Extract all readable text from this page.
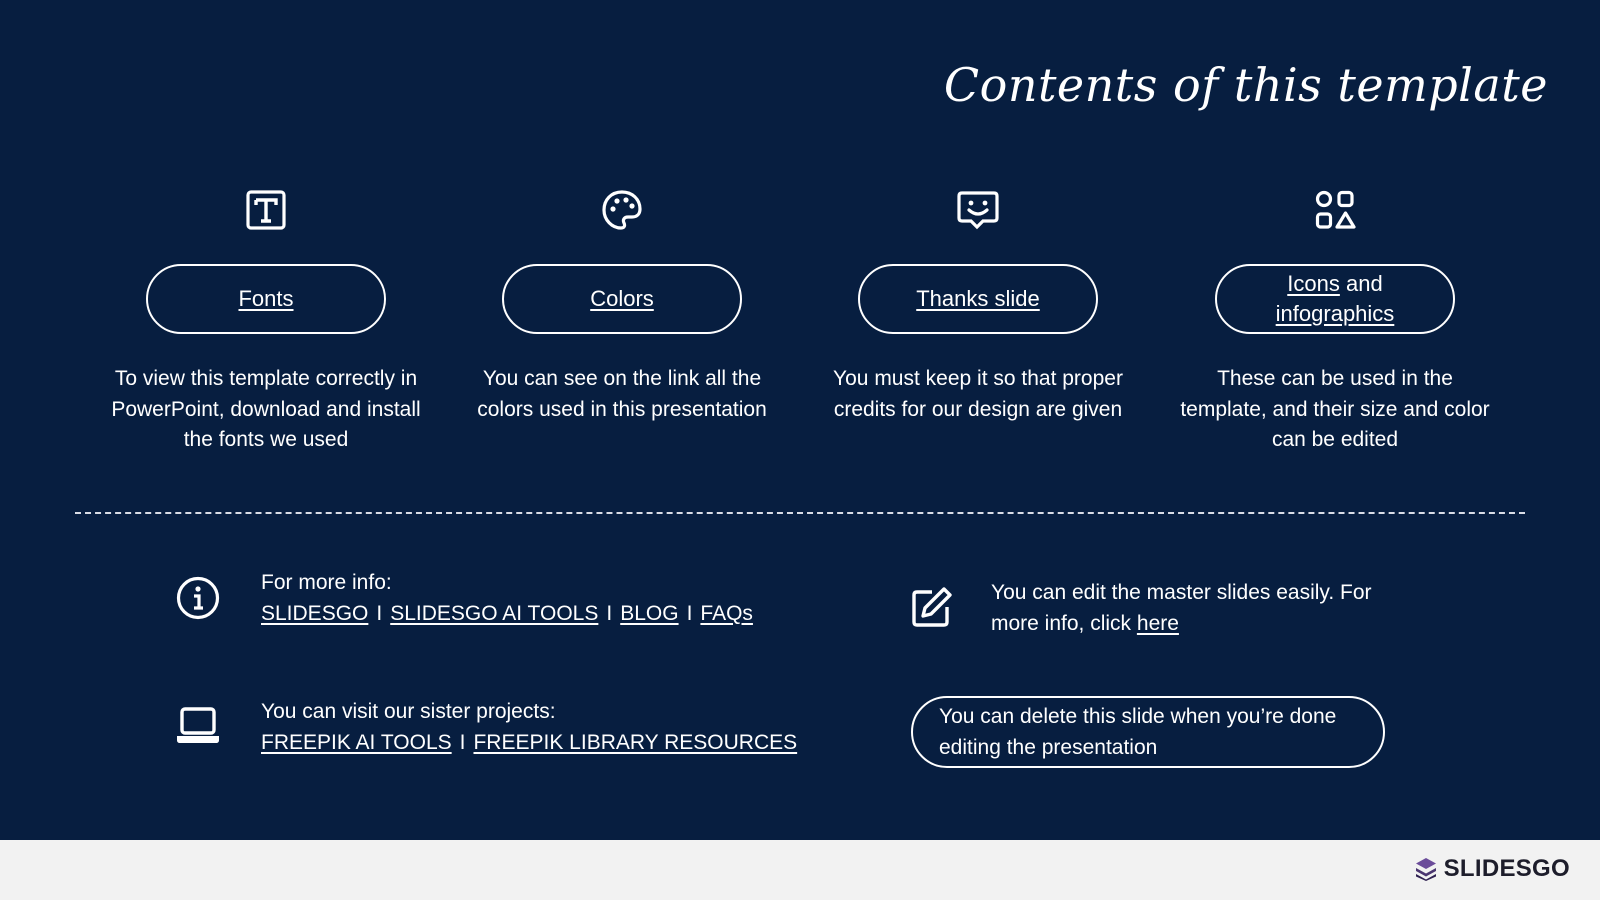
Contents of this template
Fonts
To view this template correctly in PowerPoint, download and install the fonts we used
Colors
You can see on the link all the colors used in this presentation
Thanks slide
You must keep it so that proper credits for our design are given
Icons and
infographics
These can be used in the template, and their size and color can be edited
For more info:
SLIDESGO I SLIDESGO AI TOOLS I BLOG I FAQs
You can visit our sister projects:
FREEPIK AI TOOLS I FREEPIK LIBRARY RESOURCES
You can edit the master slides easily. For more info, click here
You can delete this slide when you’re done editing the presentation
SLIDESGO
